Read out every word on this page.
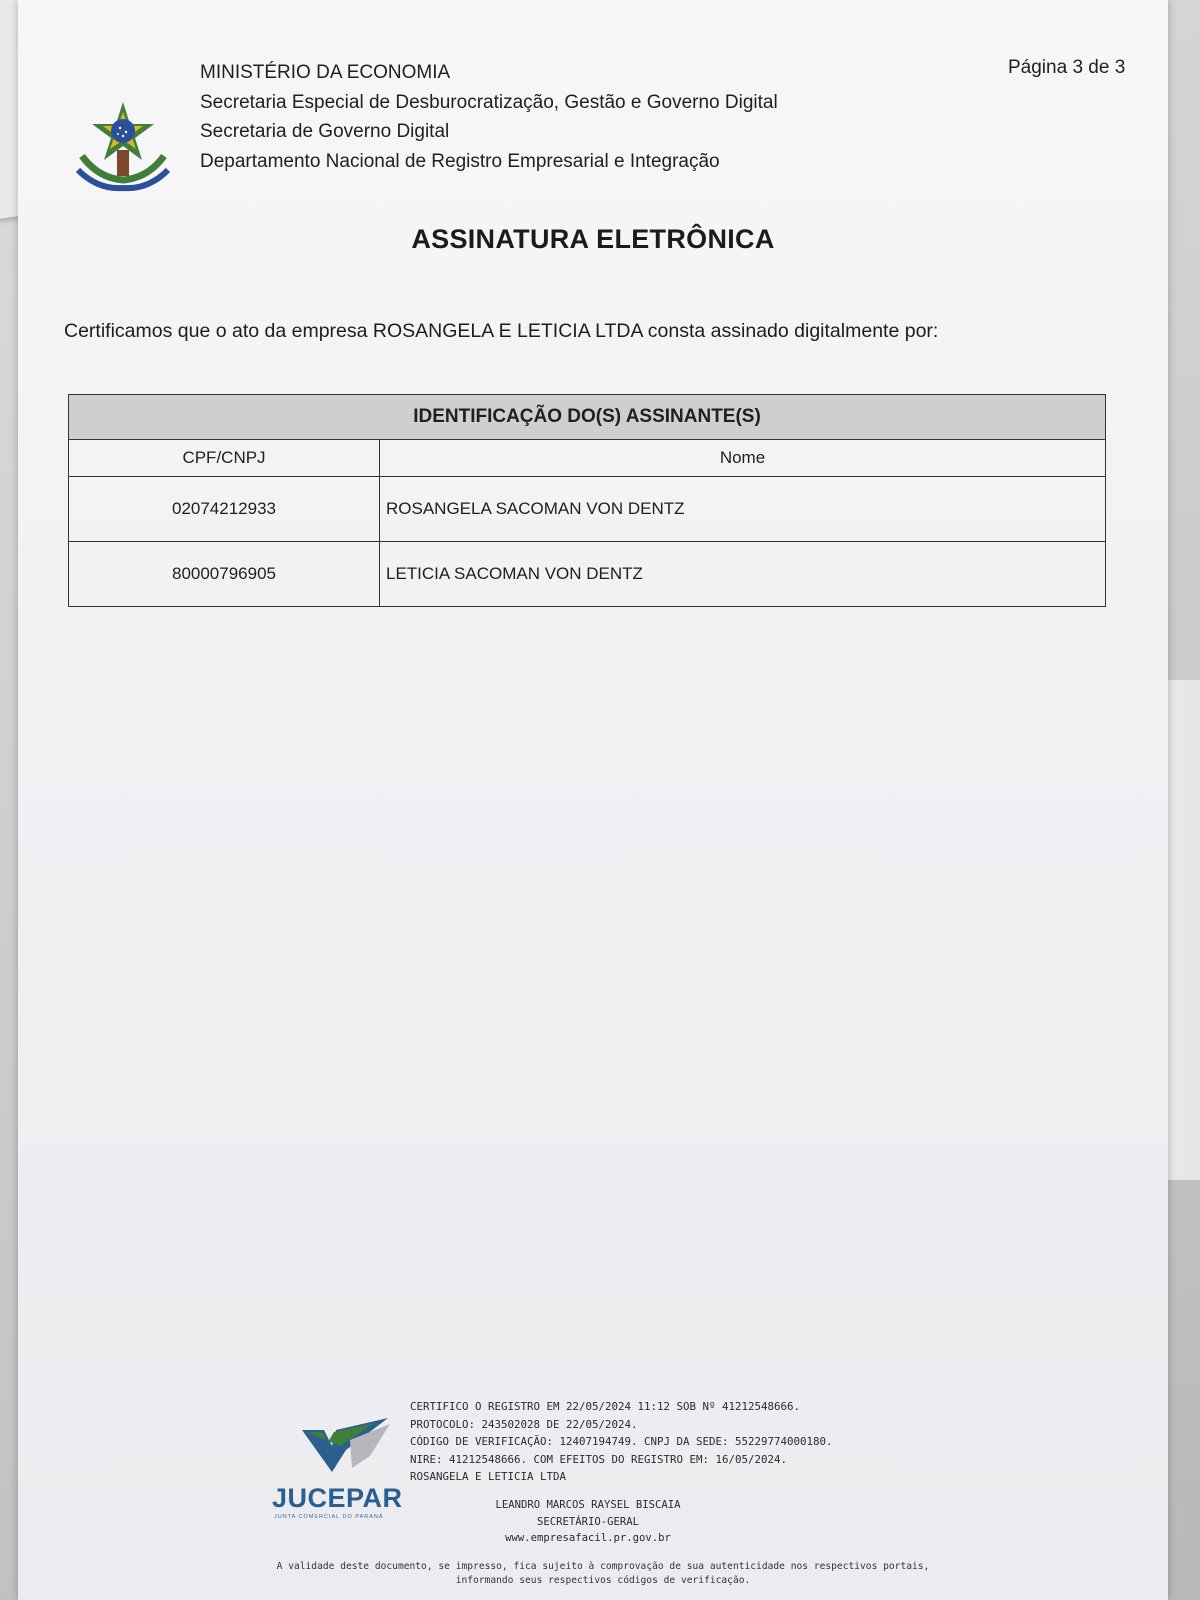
MINISTÉRIO DA ECONOMIA
Secretaria Especial de Desburocratização, Gestão e Governo Digital
Secretaria de Governo Digital
Departamento Nacional de Registro Empresarial e Integração
Página 3 de 3
ASSINATURA ELETRÔNICA
Certificamos que o ato da empresa ROSANGELA E LETICIA LTDA consta assinado digitalmente por:
IDENTIFICAÇÃO DO(S) ASSINANTE(S)	
CPF/CNPJ	Nome
02074212933	ROSANGELA SACOMAN VON DENTZ
80000796905	LETICIA SACOMAN VON DENTZ
JUCEPAR
JUNTA COMERCIAL DO PARANÁ
CERTIFICO O REGISTRO EM 22/05/2024 11:12 SOB Nº 41212548666.
PROTOCOLO: 243502028 DE 22/05/2024.
CÓDIGO DE VERIFICAÇÃO: 12407194749. CNPJ DA SEDE: 55229774000180.
NIRE: 41212548666. COM EFEITOS DO REGISTRO EM: 16/05/2024.
ROSANGELA E LETICIA LTDA
LEANDRO MARCOS RAYSEL BISCAIA
SECRETÁRIO-GERAL
www.empresafacil.pr.gov.br
A validade deste documento, se impresso, fica sujeito à comprovação de sua autenticidade nos respectivos portais,
informando seus respectivos códigos de verificação.
